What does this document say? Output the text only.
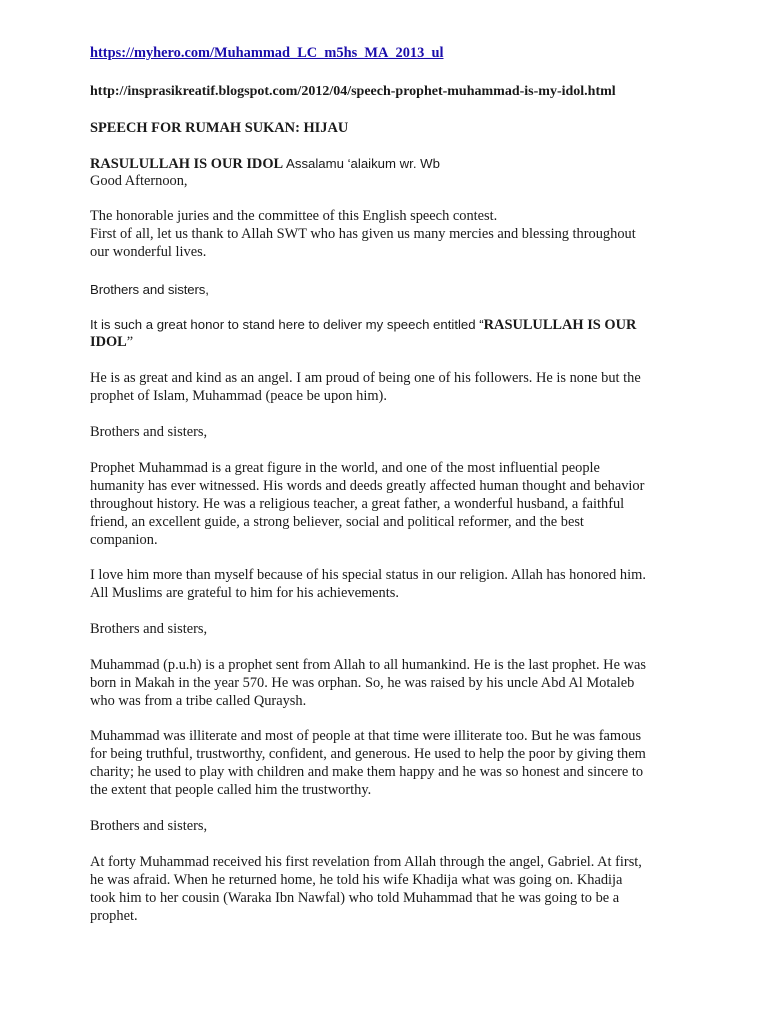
https://myhero.com/Muhammad_LC_m5hs_MA_2013_ul

http://insprasikreatif.blogspot.com/2012/04/speech-prophet-muhammad-is-my-idol.html

SPEECH FOR RUMAH SUKAN: HIJAU

RASULULLAH IS OUR IDOL Assalamu ‘alaikum wr. Wb

Good Afternoon,

The honorable juries and the committee of this English speech contest.

First of all, let us thank to Allah SWT who has given us many mercies and blessing throughout

our wonderful lives.

Brothers and sisters,

It is such a great honor to stand here to deliver my speech entitled “RASULULLAH IS OUR

IDOL”

He is as great and kind as an angel. I am proud of being one of his followers. He is none but the

prophet of Islam, Muhammad (peace be upon him).

Brothers and sisters,

Prophet Muhammad is a great figure in the world, and one of the most influential people

humanity has ever witnessed. His words and deeds greatly affected human thought and behavior

throughout history. He was a religious teacher, a great father, a wonderful husband, a faithful

friend, an excellent guide, a strong believer, social and political reformer, and the best

companion.

I love him more than myself because of his special status in our religion. Allah has honored him.

All Muslims are grateful to him for his achievements.

Brothers and sisters,

Muhammad (p.u.h) is a prophet sent from Allah to all humankind. He is the last prophet. He was

born in Makah in the year 570. He was orphan. So, he was raised by his uncle Abd Al Motaleb

who was from a tribe called Quraysh.

Muhammad was illiterate and most of people at that time were illiterate too. But he was famous

for being truthful, trustworthy, confident, and generous. He used to help the poor by giving them

charity; he used to play with children and make them happy and he was so honest and sincere to

the extent that people called him the trustworthy.

Brothers and sisters,

At forty Muhammad received his first revelation from Allah through the angel, Gabriel. At first,

he was afraid. When he returned home, he told his wife Khadija what was going on. Khadija

took him to her cousin (Waraka Ibn Nawfal) who told Muhammad that he was going to be a

prophet.
